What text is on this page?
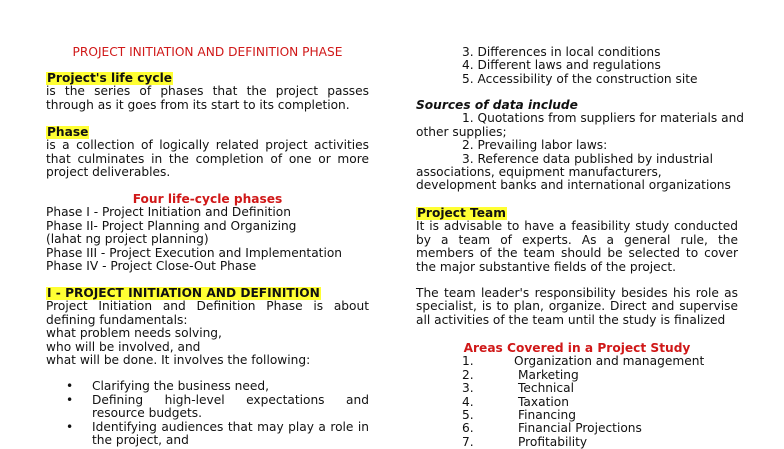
PROJECT INITIATION AND DEFINITION PHASE
Project's life cycle
is the series of phases that the project passes through as it goes from its start to its completion.
Phase
is a collection of logically related project activities that culminates in the completion of one or more project deliverables.
Four life-cycle phases
Phase I - Project Initiation and Definition
Phase II- Project Planning and Organizing
(lahat ng project planning)
Phase III - Project Execution and Implementation
Phase IV - Project Close-Out Phase
I - PROJECT INITIATION AND DEFINITION
Project Initiation and Definition Phase is about defining fundamentals:
what problem needs solving,
who will be involved, and
what will be done. It involves the following:
• Clarifying the business need,
• Defining high-level expectations and resource budgets.
• Identifying audiences that may play a role in the project, and
3. Differences in local conditions
4. Different laws and regulations
5. Accessibility of the construction site
Sources of data include
1. Quotations from suppliers for materials and
other supplies;
2. Prevailing labor laws:
3. Reference data published by industrial
associations, equipment manufacturers, development banks and international organizations
Project Team
It is advisable to have a feasibility study conducted by a team of experts. As a general rule, the members of the team should be selected to cover the major substantive fields of the project.
The team leader's responsibility besides his role as specialist, is to plan, organize. Direct and supervise all activities of the team until the study is finalized
Areas Covered in a Project Study
1.	Organization and management
2.	Marketing
3.	Technical
4.	Taxation
5.	Financing
6.	Financial Projections
7.	Profitability
